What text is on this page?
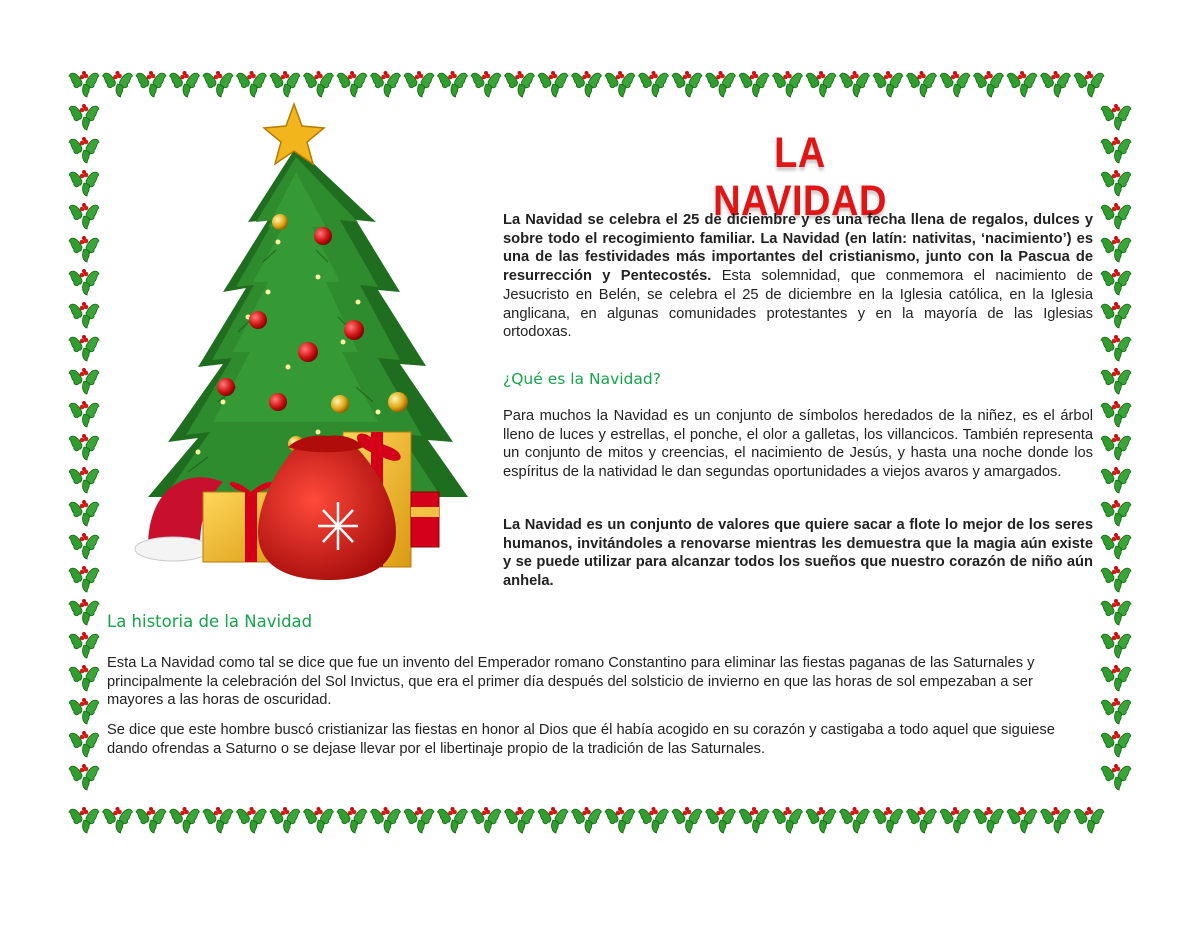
LA NAVIDAD

La Navidad se celebra el 25 de diciembre y es una fecha llena de regalos, dulces y sobre todo el recogimiento familiar. La Navidad (en latín: nativitas, ‘nacimiento’) es una de las festividades más importantes del cristianismo, junto con la Pascua de resurrección y Pentecostés. Esta solemnidad, que conmemora el nacimiento de Jesucristo en Belén, se celebra el 25 de diciembre en la Iglesia católica, en la Iglesia anglicana, en algunas comunidades protestantes y en la mayoría de las Iglesias ortodoxas.

¿Qué es la Navidad?

Para muchos la Navidad es un conjunto de símbolos heredados de la niñez, es el árbol lleno de luces y estrellas, el ponche, el olor a galletas, los villancicos. También representa un conjunto de mitos y creencias, el nacimiento de Jesús, y hasta una noche donde los espíritus de la natividad le dan segundas oportunidades a viejos avaros y amargados.

La Navidad es un conjunto de valores que quiere sacar a flote lo mejor de los seres humanos, invitándoles a renovarse mientras les demuestra que la magia aún existe y se puede utilizar para alcanzar todos los sueños que nuestro corazón de niño aún anhela.

La historia de la Navidad

Esta La Navidad como tal se dice que fue un invento del Emperador romano Constantino para eliminar las fiestas paganas de las Saturnales y principalmente la celebración del Sol Invictus, que era el primer día después del solsticio de invierno en que las horas de sol empezaban a ser mayores a las horas de oscuridad.

Se dice que este hombre buscó cristianizar las fiestas en honor al Dios que él había acogido en su corazón y castigaba a todo aquel que siguiese dando ofrendas a Saturno o se dejase llevar por el libertinaje propio de la tradición de las Saturnales.
